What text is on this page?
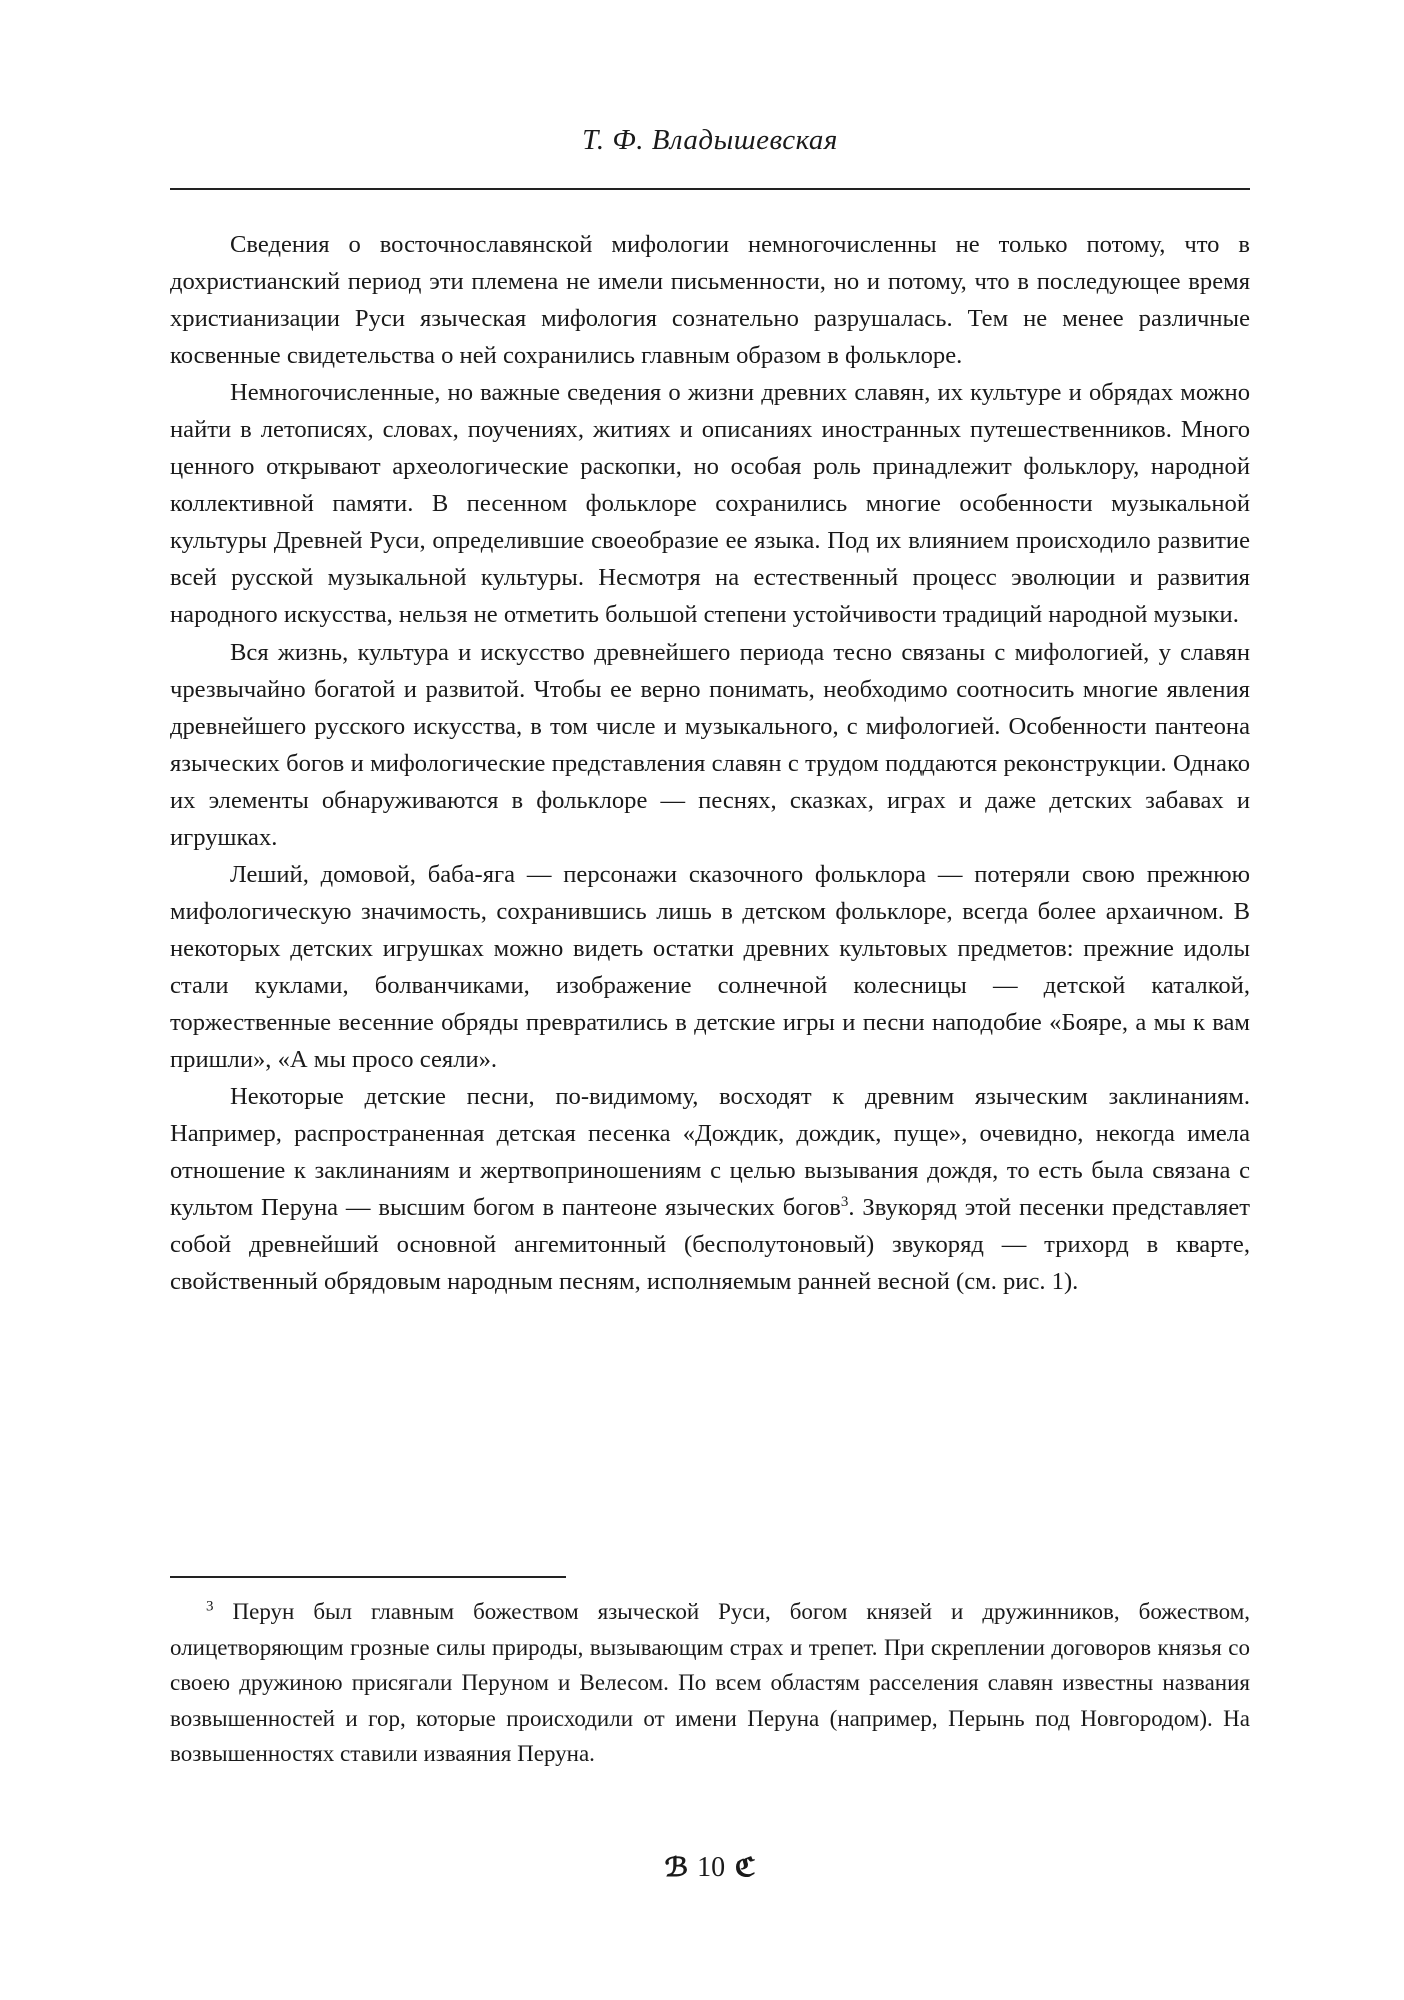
Т. Ф. Владышевская

Сведения о восточнославянской мифологии немногочисленны не только потому, что в дохристианский период эти племена не имели письменности, но и потому, что в последующее время христианизации Руси языческая мифология сознательно разрушалась. Тем не менее различные косвенные свидетельства о ней сохранились главным образом в фольклоре.

Немногочисленные, но важные сведения о жизни древних славян, их культуре и обрядах можно найти в летописях, словах, поучениях, житиях и описаниях иностранных путешественников. Много ценного открывают археологические раскопки, но особая роль принадлежит фольклору, народной коллективной памяти. В песенном фольклоре сохранились многие особенности музыкальной культуры Древней Руси, определившие своеобразие ее языка. Под их влиянием происходило развитие всей русской музыкальной культуры. Несмотря на естественный процесс эволюции и развития народного искусства, нельзя не отметить большой степени устойчивости традиций народной музыки.

Вся жизнь, культура и искусство древнейшего периода тесно связаны с мифологией, у славян чрезвычайно богатой и развитой. Чтобы ее верно понимать, необходимо соотносить многие явления древнейшего русского искусства, в том числе и музыкального, с мифологией. Особенности пантеона языческих богов и мифологические представления славян с трудом поддаются реконструкции. Однако их элементы обнаруживаются в фольклоре — песнях, сказках, играх и даже детских забавах и игрушках.

Леший, домовой, баба-яга — персонажи сказочного фольклора — потеряли свою прежнюю мифологическую значимость, сохранившись лишь в детском фольклоре, всегда более архаичном. В некоторых детских игрушках можно видеть остатки древних культовых предметов: прежние идолы стали куклами, болванчиками, изображение солнечной колесницы — детской каталкой, торжественные весенние обряды превратились в детские игры и песни наподобие «Бояре, а мы к вам пришли», «А мы просо сеяли».

Некоторые детские песни, по-видимому, восходят к древним языческим заклинаниям. Например, распространенная детская песенка «Дождик, дождик, пуще», очевидно, некогда имела отношение к заклинаниям и жертвоприношениям с целью вызывания дождя, то есть была связана с культом Перуна — высшим богом в пантеоне языческих богов$^3$. Звукоряд этой песенки представляет собой древнейший основной ангемитонный (бесполутоновый) звукоряд — трихорд в кварте, свойственный обрядовым народным песням, исполняемым ранней весной (см. рис. 1).

$^3$ Перун был главным божеством языческой Руси, богом князей и дружинников, божеством, олицетворяющим грозные силы природы, вызывающим страх и трепет. При скреплении договоров князья со своею дружиною присягали Перуном и Велесом. По всем областям расселения славян известны названия возвышенностей и гор, которые происходили от имени Перуна (например, Перынь под Новгородом). На возвышенностях ставили изваяния Перуна.

ℬ 10 ℭ
